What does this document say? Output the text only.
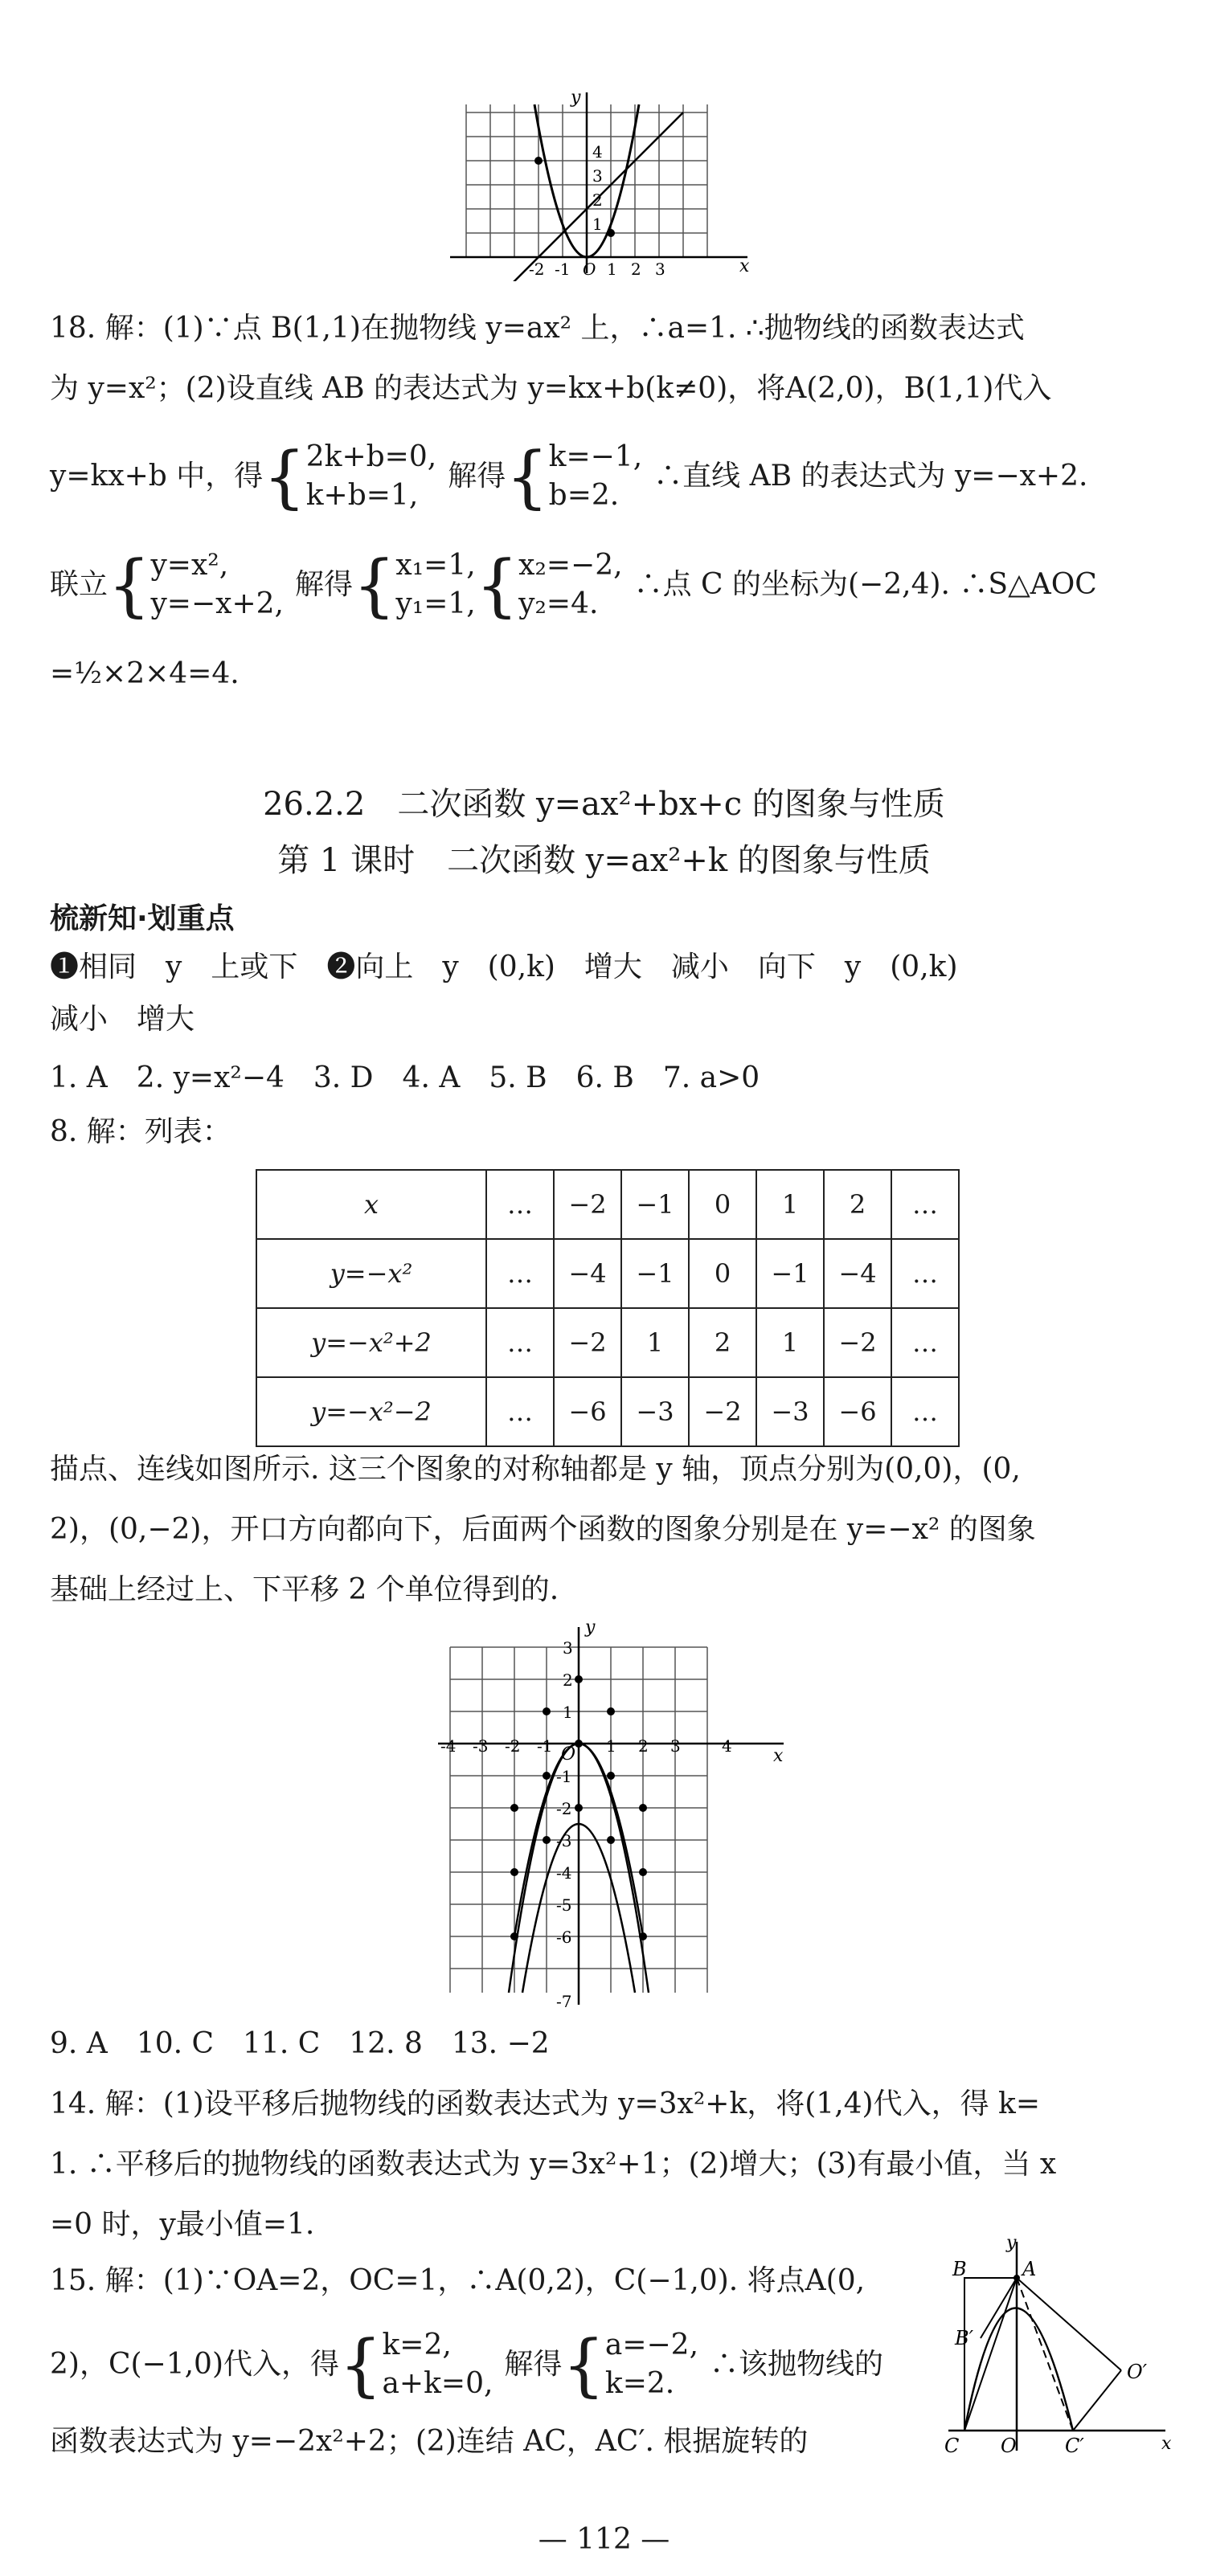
y
x
4
3
2
1
-2 -1 O 1 2 3
18. 解：(1)∵点 B(1,1)在抛物线 y=ax² 上，∴a=1. ∴抛物线的函数表达式
为 y=x²；(2)设直线 AB 的表达式为 y=kx+b(k≠0)，将A(2,0)，B(1,1)代入
y=kx+b 中，得 { 2k+b=0,
k+b=1,
解得 { k=−1,
b=2.
∴直线 AB 的表达式为 y=−x+2.
联立 { y=x²,
y=−x+2,
解得 { x₁=1,
y₁=1, { x₂=−2,
y₂=4.
∴点 C 的坐标为(−2,4). ∴S△AOC
=½×2×4=4.
26.2.2　二次函数 y=ax²+bx+c 的图象与性质
第 1 课时　二次函数 y=ax²+k 的图象与性质
梳新知·划重点
❶相同　y　上或下　❷向上　y　(0,k)　增大　减小　向下　y　(0,k)
减小　增大
1. A　2. y=x²−4　3. D　4. A　5. B　6. B　7. a>0
8. 解：列表：
x	…	−2	−1	0	1	2	…
y=−x²	…	−4	−1	0	−1	−4	…
y=−x²+2	…	−2	1	2	1	−2	…
y=−x²−2	…	−6	−3	−2	−3	−6	…
描点、连线如图所示. 这三个图象的对称轴都是 y 轴，顶点分别为(0,0)，(0,
2)，(0,−2)，开口方向都向下，后面两个函数的图象分别是在 y=−x² 的图象
基础上经过上、下平移 2 个单位得到的.
y
x
O
-4 -3 -2 -1	1 2 3	4
3
2
1
-1
-2
-3
-4
-5
-6
-7
9. A　10. C　11. C　12. 8　13. −2
14. 解：(1)设平移后抛物线的函数表达式为 y=3x²+k，将(1,4)代入，得 k=
1. ∴平移后的抛物线的函数表达式为 y=3x²+1；(2)增大；(3)有最小值，当 x
=0 时，y最小值=1.
15. 解：(1)∵OA=2，OC=1，∴A(0,2)，C(−1,0). 将点A(0,
2)，C(−1,0)代入，得 { k=2,
a+k=0,
解得 { a=−2,
k=2.
∴该抛物线的
函数表达式为 y=−2x²+2；(2)连结 AC，AC′. 根据旋转的
B	A
B′
O′
C O	C′
y
x
— 112 —
